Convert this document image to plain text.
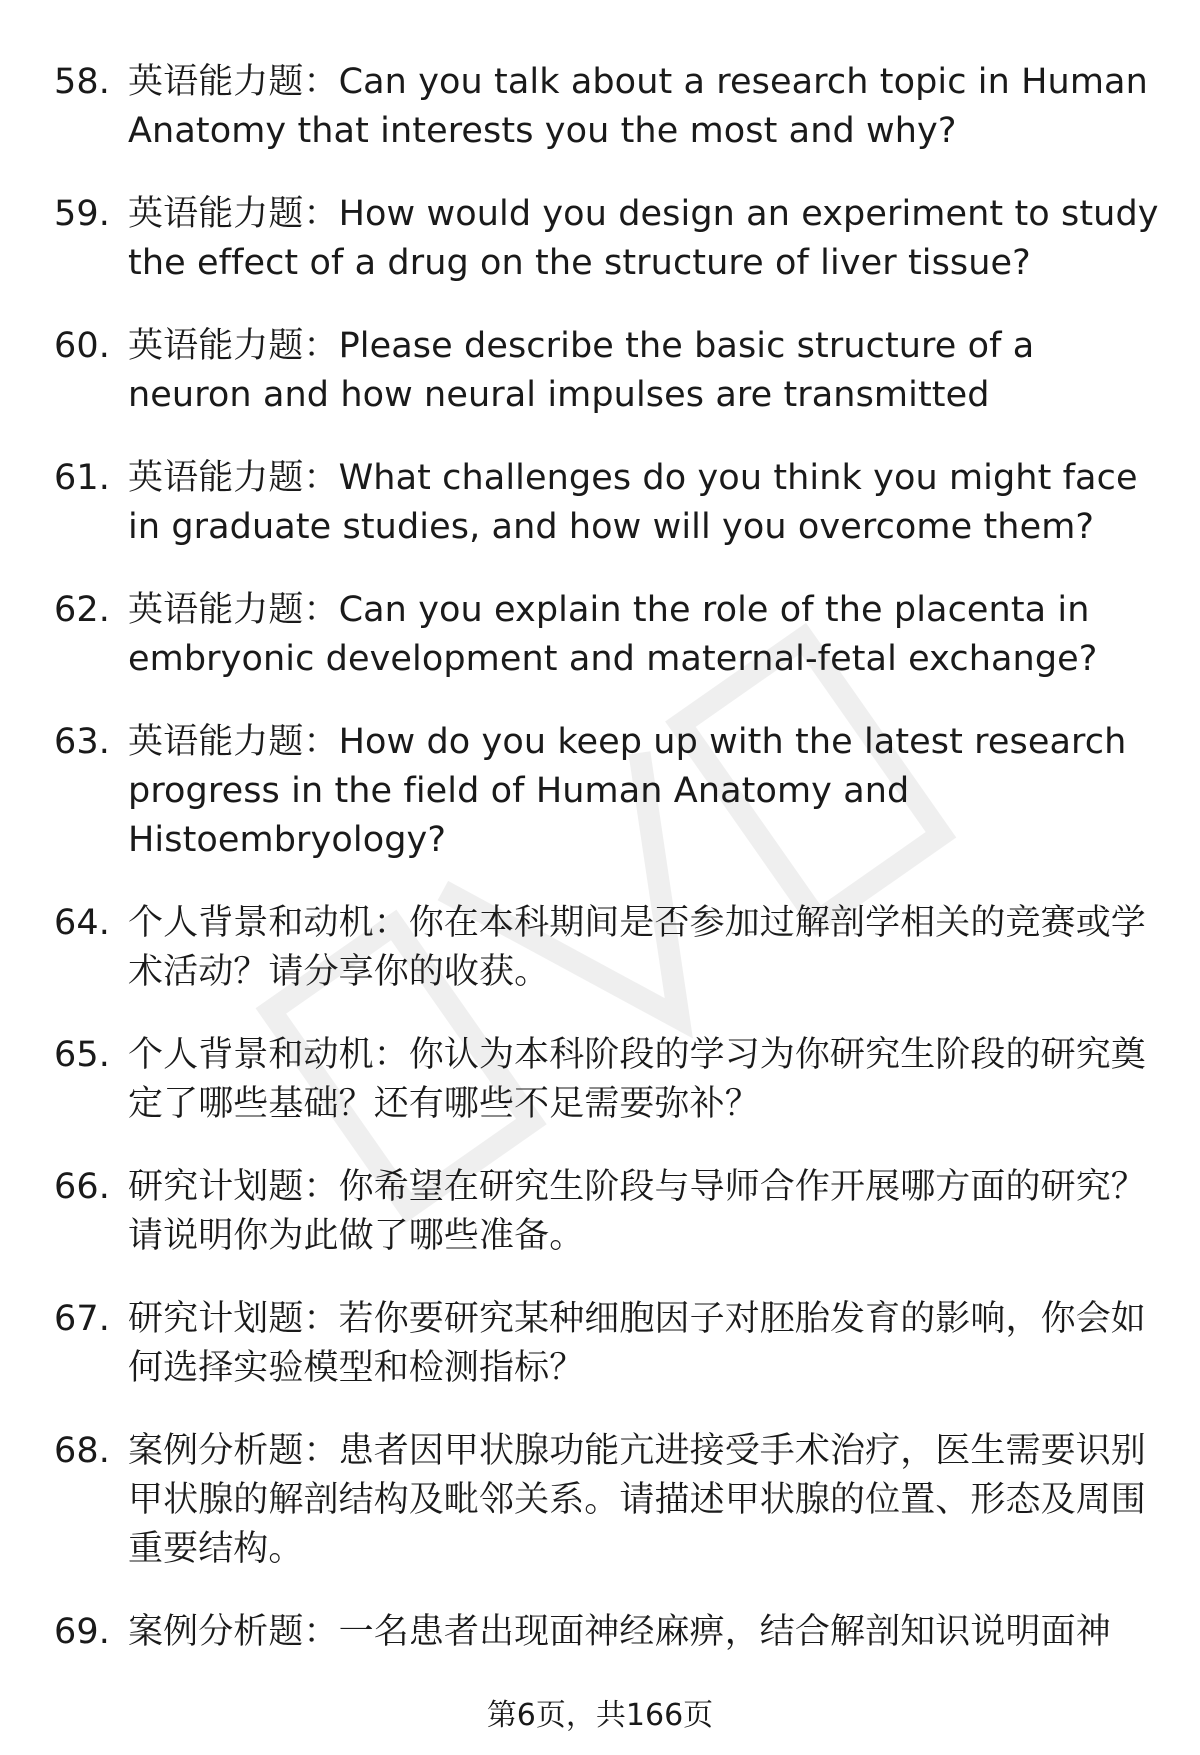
58. 英语能力题：Can you talk about a research topic in Human Anatomy that interests you the most and why?
59. 英语能力题：How would you design an experiment to study the effect of a drug on the structure of liver tissue?
60. 英语能力题：Please describe the basic structure of a neuron and how neural impulses are transmitted
61. 英语能力题：What challenges do you think you might face in graduate studies, and how will you overcome them?
62. 英语能力题：Can you explain the role of the placenta in embryonic development and maternal-fetal exchange?
63. 英语能力题：How do you keep up with the latest research progress in the field of Human Anatomy and Histoembryology?
64. 个人背景和动机：你在本科期间是否参加过解剖学相关的竞赛或学术活动？请分享你的收获。
65. 个人背景和动机：你认为本科阶段的学习为你研究生阶段的研究奠定了哪些基础？还有哪些不足需要弥补？
66. 研究计划题：你希望在研究生阶段与导师合作开展哪方面的研究？请说明你为此做了哪些准备。
67. 研究计划题：若你要研究某种细胞因子对胚胎发育的影响，你会如何选择实验模型和检测指标？
68. 案例分析题：患者因甲状腺功能亢进接受手术治疗，医生需要识别甲状腺的解剖结构及毗邻关系。请描述甲状腺的位置、形态及周围重要结构。
69. 案例分析题：一名患者出现面神经麻痹，结合解剖知识说明面神
第6页，共166页
